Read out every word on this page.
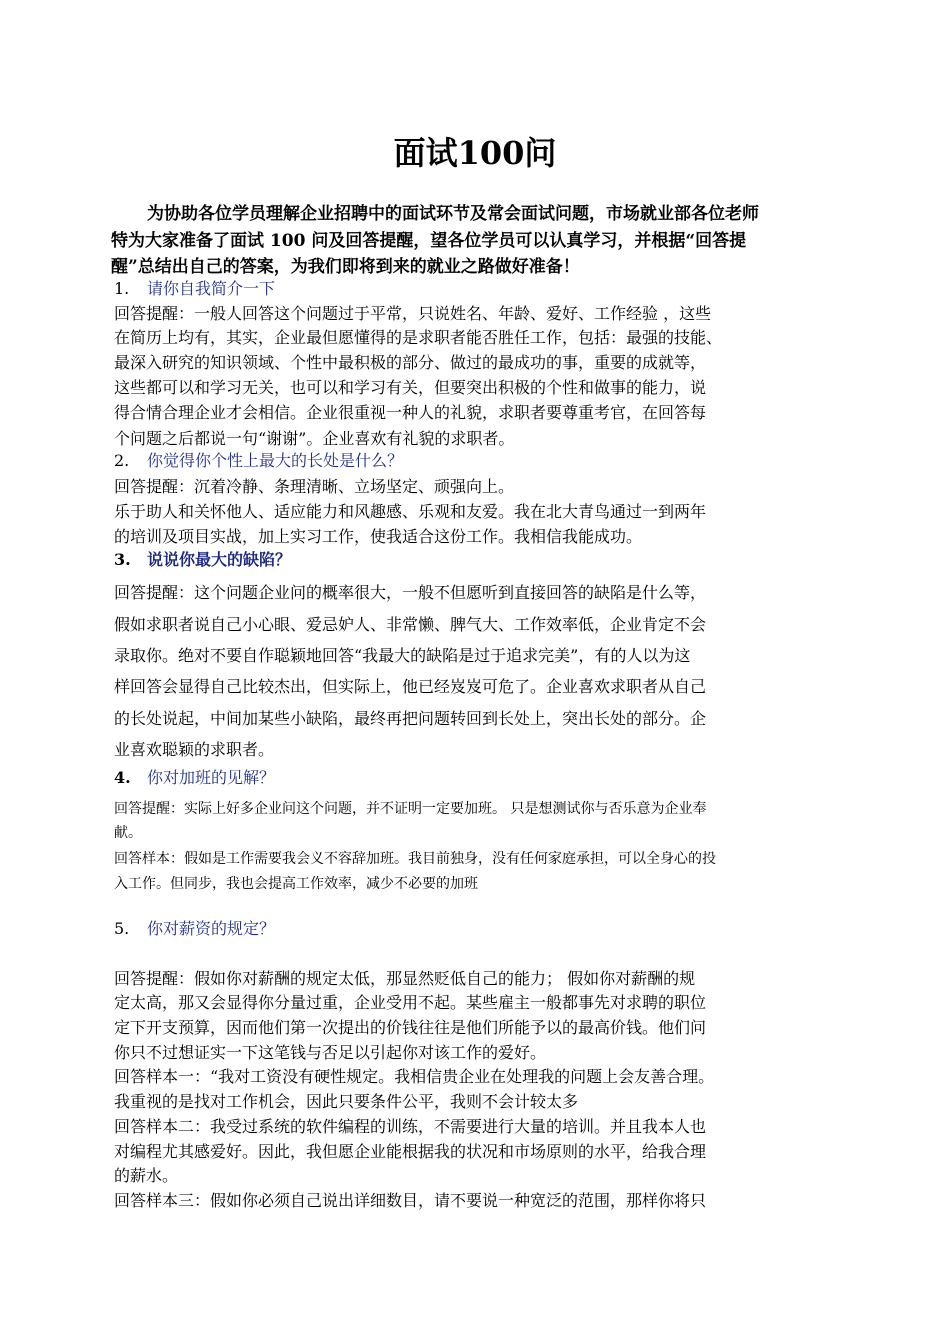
面试100问
为协助各位学员理解企业招聘中的面试环节及常会面试问题，市场就业部各位老师
特为大家准备了面试 100 问及回答提醒，望各位学员可以认真学习，并根据“回答提
醒”总结出自己的答案，为我们即将到来的就业之路做好准备！
1. 请你自我简介一下
回答提醒：一般人回答这个问题过于平常，只说姓名、年龄、爱好、工作经验 ，这些
在简历上均有，其实，企业最但愿懂得的是求职者能否胜任工作，包括：最强的技能、
最深入研究的知识领域、个性中最积极的部分、做过的最成功的事，重要的成就等，
这些都可以和学习无关，也可以和学习有关，但要突出积极的个性和做事的能力，说
得合情合理企业才会相信。企业很重视一种人的礼貌，求职者要尊重考官，在回答每
个问题之后都说一句“谢谢”。企业喜欢有礼貌的求职者。
2. 你觉得你个性上最大的长处是什么？
回答提醒：沉着冷静、条理清晰、立场坚定、顽强向上。
乐于助人和关怀他人、适应能力和风趣感、乐观和友爱。我在北大青鸟通过一到两年
的培训及项目实战，加上实习工作，使我适合这份工作。我相信我能成功。
3. 说说你最大的缺陷？
回答提醒：这个问题企业问的概率很大，一般不但愿听到直接回答的缺陷是什么等，
假如求职者说自己小心眼、爱忌妒人、非常懒、脾气大、工作效率低，企业肯定不会
录取你。绝对不要自作聪颖地回答“我最大的缺陷是过于追求完美”，有的人以为这
样回答会显得自己比较杰出，但实际上，他已经岌岌可危了。企业喜欢求职者从自己
的长处说起，中间加某些小缺陷，最终再把问题转回到长处上，突出长处的部分。企
业喜欢聪颖的求职者。
4. 你对加班的见解？
回答提醒：实际上好多企业问这个问题，并不证明一定要加班。 只是想测试你与否乐意为企业奉
献。
回答样本：假如是工作需要我会义不容辞加班。我目前独身，没有任何家庭承担，可以全身心的投
入工作。但同步，我也会提高工作效率，减少不必要的加班
5. 你对薪资的规定？
回答提醒：假如你对薪酬的规定太低，那显然贬低自己的能力； 假如你对薪酬的规
定太高，那又会显得你分量过重，企业受用不起。某些雇主一般都事先对求聘的职位
定下开支预算，因而他们第一次提出的价钱往往是他们所能予以的最高价钱。他们问
你只不过想证实一下这笔钱与否足以引起你对该工作的爱好。
回答样本一：“我对工资没有硬性规定。我相信贵企业在处理我的问题上会友善合理。
我重视的是找对工作机会，因此只要条件公平，我则不会计较太多
回答样本二：我受过系统的软件编程的训练，不需要进行大量的培训。并且我本人也
对编程尤其感爱好。因此，我但愿企业能根据我的状况和市场原则的水平，给我合理
的薪水。
回答样本三：假如你必须自己说出详细数目，请不要说一种宽泛的范围，那样你将只
